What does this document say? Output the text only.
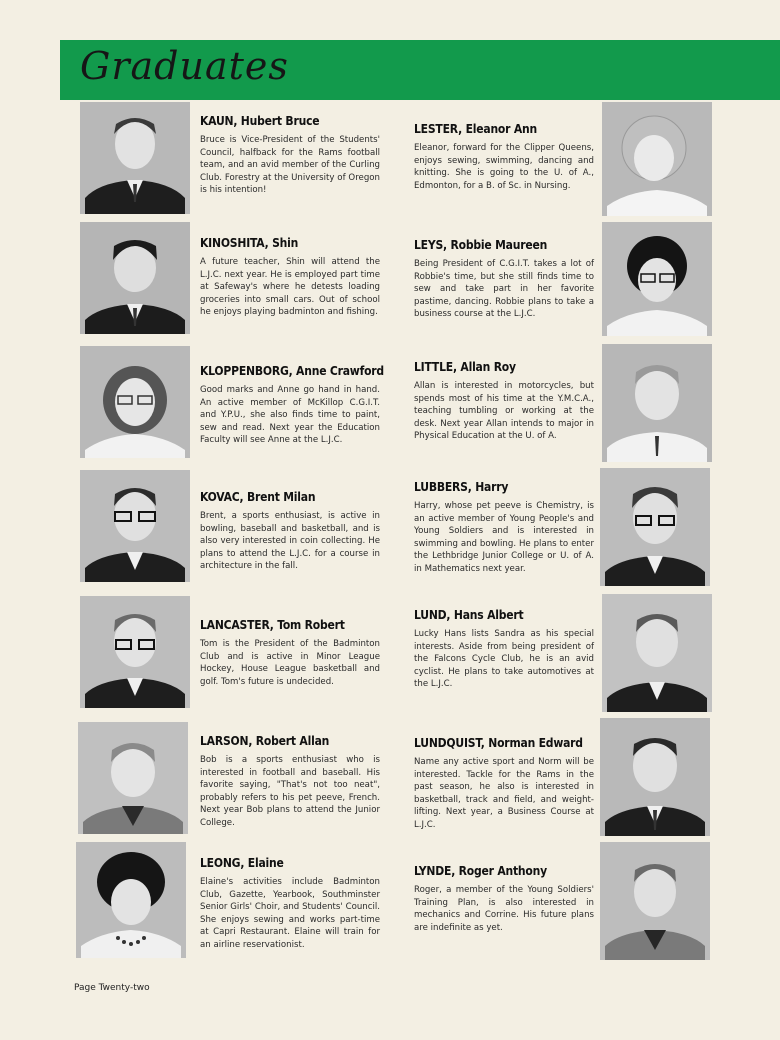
Graduates

KAUN, Hubert Bruce

Bruce is Vice-President of the Students' Council, halfback for the Rams football team, and an avid member of the Curling Club. Forestry at the University of Oregon is his intention!

KINOSHITA, Shin

A future teacher, Shin will attend the L.J.C. next year. He is employed part time at Safeway's where he detests loading groceries into small cars. Out of school he enjoys playing badminton and fishing.

KLOPPENBORG, Anne Crawford

Good marks and Anne go hand in hand. An active member of McKillop C.G.I.T. and Y.P.U., she also finds time to paint, sew and read. Next year the Education Faculty will see Anne at the L.J.C.

KOVAC, Brent Milan

Brent, a sports enthusiast, is active in bowling, baseball and basketball, and is also very interested in coin collecting. He plans to attend the L.J.C. for a course in architecture in the fall.

LANCASTER, Tom Robert

Tom is the President of the Badminton Club and is active in Minor League Hockey, House League basketball and golf. Tom's future is undecided.

LARSON, Robert Allan

Bob is a sports enthusiast who is interested in football and baseball. His favorite saying, "That's not too neat", probably refers to his pet peeve, French. Next year Bob plans to attend the Junior College.

LEONG, Elaine

Elaine's activities include Badminton Club, Gazette, Yearbook, Southminster Senior Girls' Choir, and Students' Council. She enjoys sewing and works part-time at Capri Restaurant. Elaine will train for an airline reservationist.

LESTER, Eleanor Ann

Eleanor, forward for the Clipper Queens, enjoys sewing, swimming, dancing and knitting. She is going to the U. of A., Edmonton, for a B. of Sc. in Nursing.

LEYS, Robbie Maureen

Being President of C.G.I.T. takes a lot of Robbie's time, but she still finds time to sew and take part in her favorite pastime, dancing. Robbie plans to take a business course at the L.J.C.

LITTLE, Allan Roy

Allan is interested in motorcycles, but spends most of his time at the Y.M.C.A., teaching tumbling or working at the desk. Next year Allan intends to major in Physical Education at the U. of A.

LUBBERS, Harry

Harry, whose pet peeve is Chemistry, is an active member of Young People's and Young Soldiers and is interested in swimming and bowling. He plans to enter the Lethbridge Junior College or U. of A. in Mathematics next year.

LUND, Hans Albert

Lucky Hans lists Sandra as his special interests. Aside from being president of the Falcons Cycle Club, he is an avid cyclist. He plans to take automotives at the L.J.C.

LUNDQUIST, Norman Edward

Name any active sport and Norm will be interested. Tackle for the Rams in the past season, he also is interested in basketball, track and field, and weight-lifting. Next year, a Business Course at L.J.C.

LYNDE, Roger Anthony

Roger, a member of the Young Soldiers' Training Plan, is also interested in mechanics and Corrine. His future plans are indefinite as yet.

Page Twenty-two
